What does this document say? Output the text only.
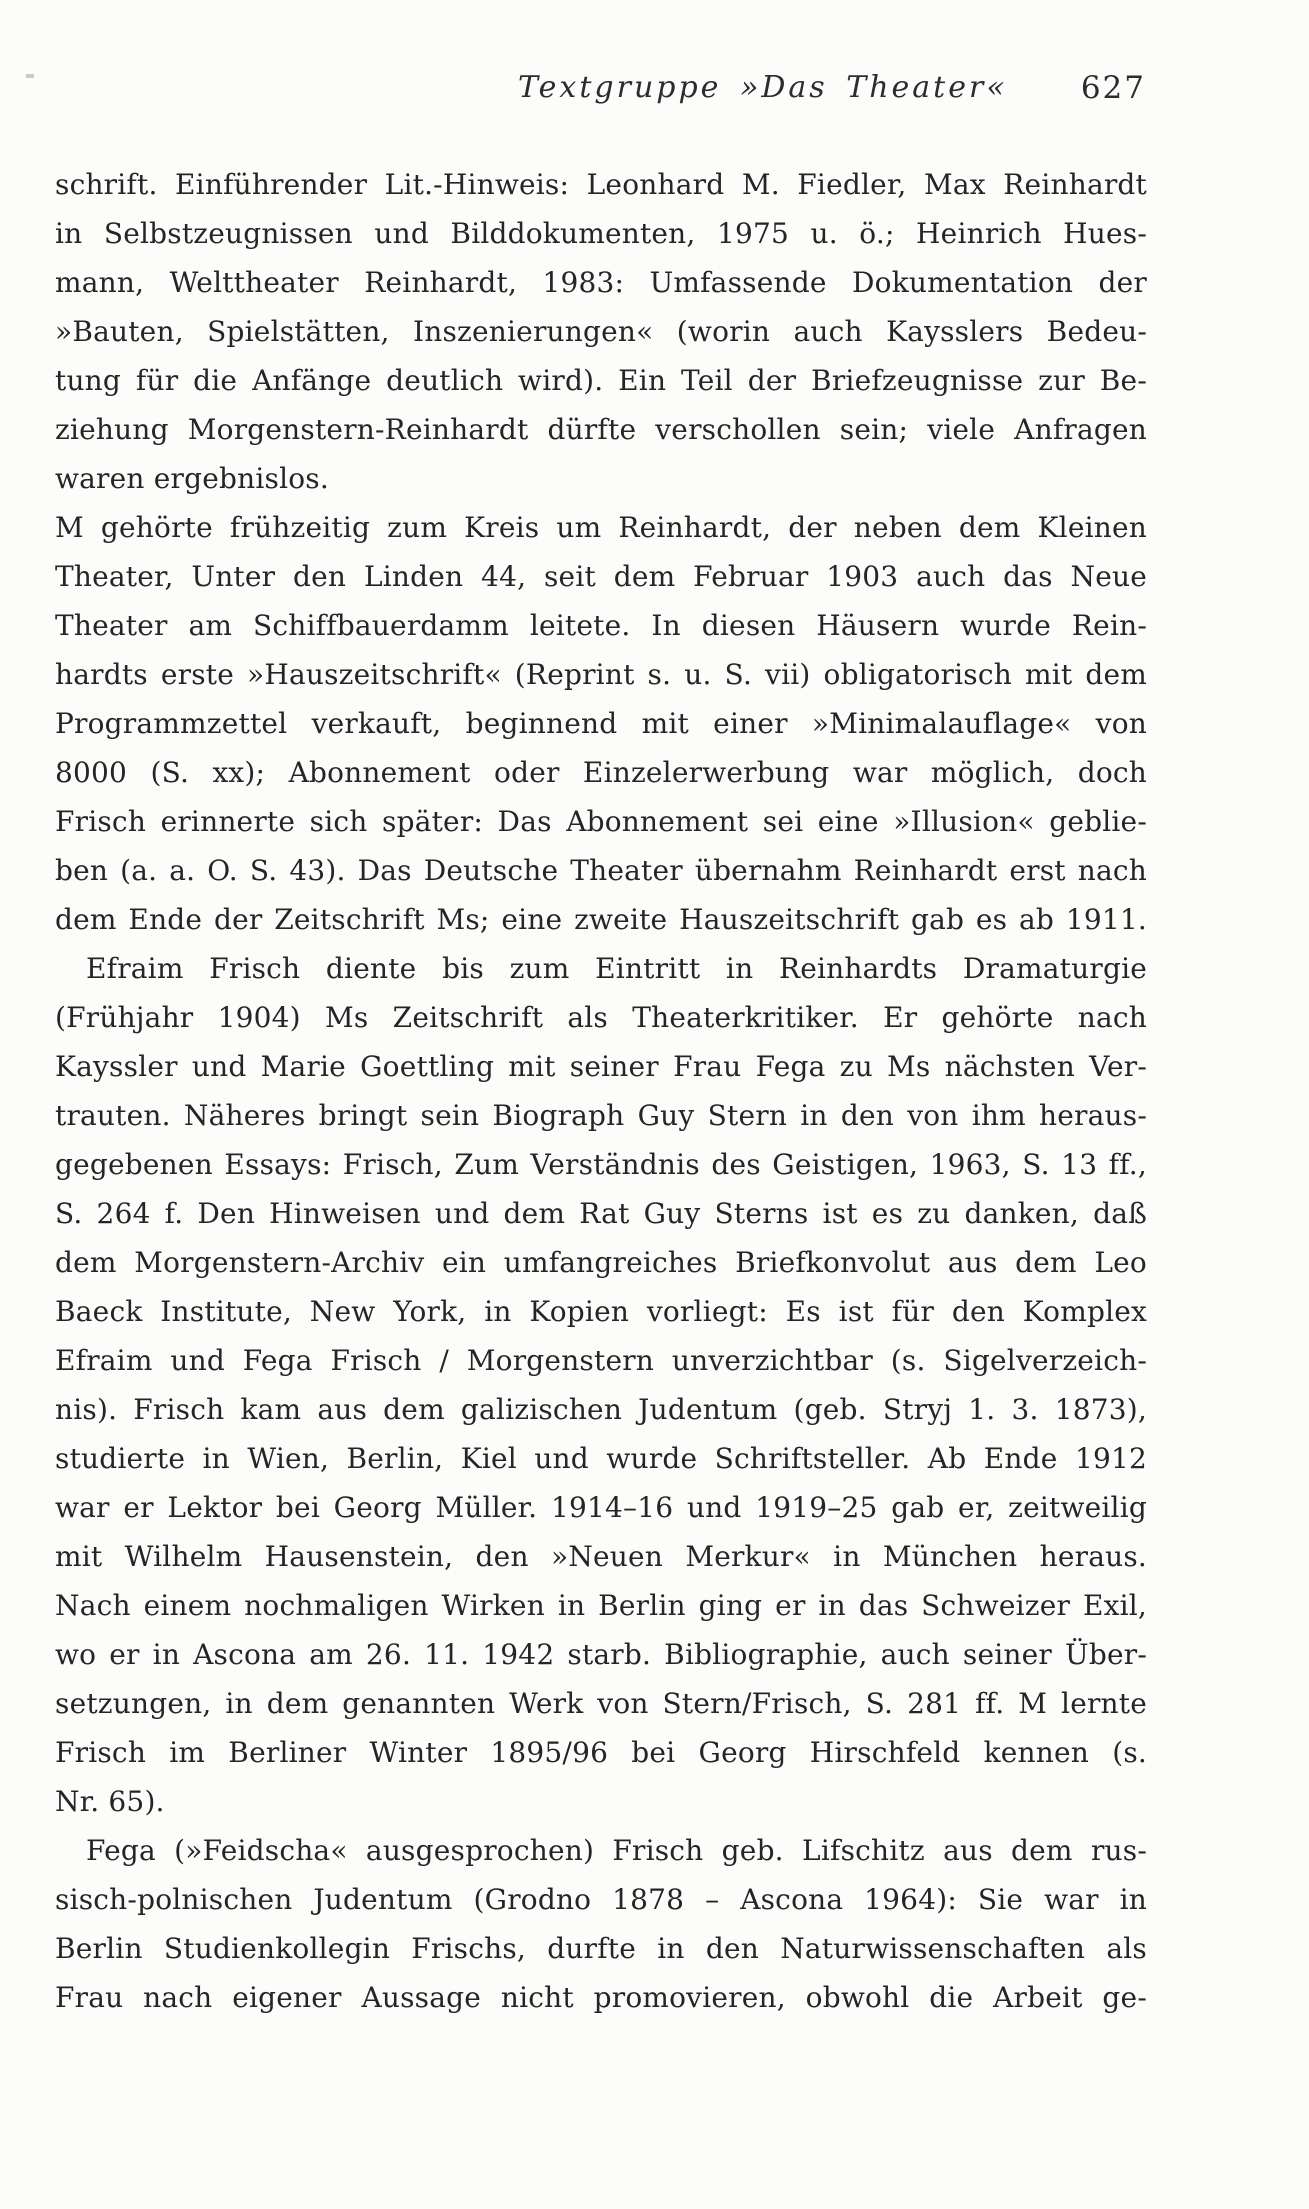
Textgruppe »Das Theater« 627
schrift. Einführender Lit.-Hinweis: Leonhard M. Fiedler, Max Reinhardt
in Selbstzeugnissen und Bilddokumenten, 1975 u. ö.; Heinrich Hues-
mann, Welttheater Reinhardt, 1983: Umfassende Dokumentation der
»Bauten, Spielstätten, Inszenierungen« (worin auch Kaysslers Bedeu-
tung für die Anfänge deutlich wird). Ein Teil der Briefzeugnisse zur Be-
ziehung Morgenstern-Reinhardt dürfte verschollen sein; viele Anfragen
waren ergebnislos.
M gehörte frühzeitig zum Kreis um Reinhardt, der neben dem Kleinen
Theater, Unter den Linden 44, seit dem Februar 1903 auch das Neue
Theater am Schiffbauerdamm leitete. In diesen Häusern wurde Rein-
hardts erste »Hauszeitschrift« (Reprint s. u. S. vii) obligatorisch mit dem
Programmzettel verkauft, beginnend mit einer »Minimalauflage« von
8000 (S. xx); Abonnement oder Einzelerwerbung war möglich, doch
Frisch erinnerte sich später: Das Abonnement sei eine »Illusion« geblie-
ben (a. a. O. S. 43). Das Deutsche Theater übernahm Reinhardt erst nach
dem Ende der Zeitschrift Ms; eine zweite Hauszeitschrift gab es ab 1911.
Efraim Frisch diente bis zum Eintritt in Reinhardts Dramaturgie
(Frühjahr 1904) Ms Zeitschrift als Theaterkritiker. Er gehörte nach
Kayssler und Marie Goettling mit seiner Frau Fega zu Ms nächsten Ver-
trauten. Näheres bringt sein Biograph Guy Stern in den von ihm heraus-
gegebenen Essays: Frisch, Zum Verständnis des Geistigen, 1963, S. 13 ff.,
S. 264 f. Den Hinweisen und dem Rat Guy Sterns ist es zu danken, daß
dem Morgenstern-Archiv ein umfangreiches Briefkonvolut aus dem Leo
Baeck Institute, New York, in Kopien vorliegt: Es ist für den Komplex
Efraim und Fega Frisch / Morgenstern unverzichtbar (s. Sigelverzeich-
nis). Frisch kam aus dem galizischen Judentum (geb. Stryj 1. 3. 1873),
studierte in Wien, Berlin, Kiel und wurde Schriftsteller. Ab Ende 1912
war er Lektor bei Georg Müller. 1914–16 und 1919–25 gab er, zeitweilig
mit Wilhelm Hausenstein, den »Neuen Merkur« in München heraus.
Nach einem nochmaligen Wirken in Berlin ging er in das Schweizer Exil,
wo er in Ascona am 26. 11. 1942 starb. Bibliographie, auch seiner Über-
setzungen, in dem genannten Werk von Stern/Frisch, S. 281 ff. M lernte
Frisch im Berliner Winter 1895/96 bei Georg Hirschfeld kennen (s.
Nr. 65).
Fega (»Feidscha« ausgesprochen) Frisch geb. Lifschitz aus dem rus-
sisch-polnischen Judentum (Grodno 1878 – Ascona 1964): Sie war in
Berlin Studienkollegin Frischs, durfte in den Naturwissenschaften als
Frau nach eigener Aussage nicht promovieren, obwohl die Arbeit ge-
